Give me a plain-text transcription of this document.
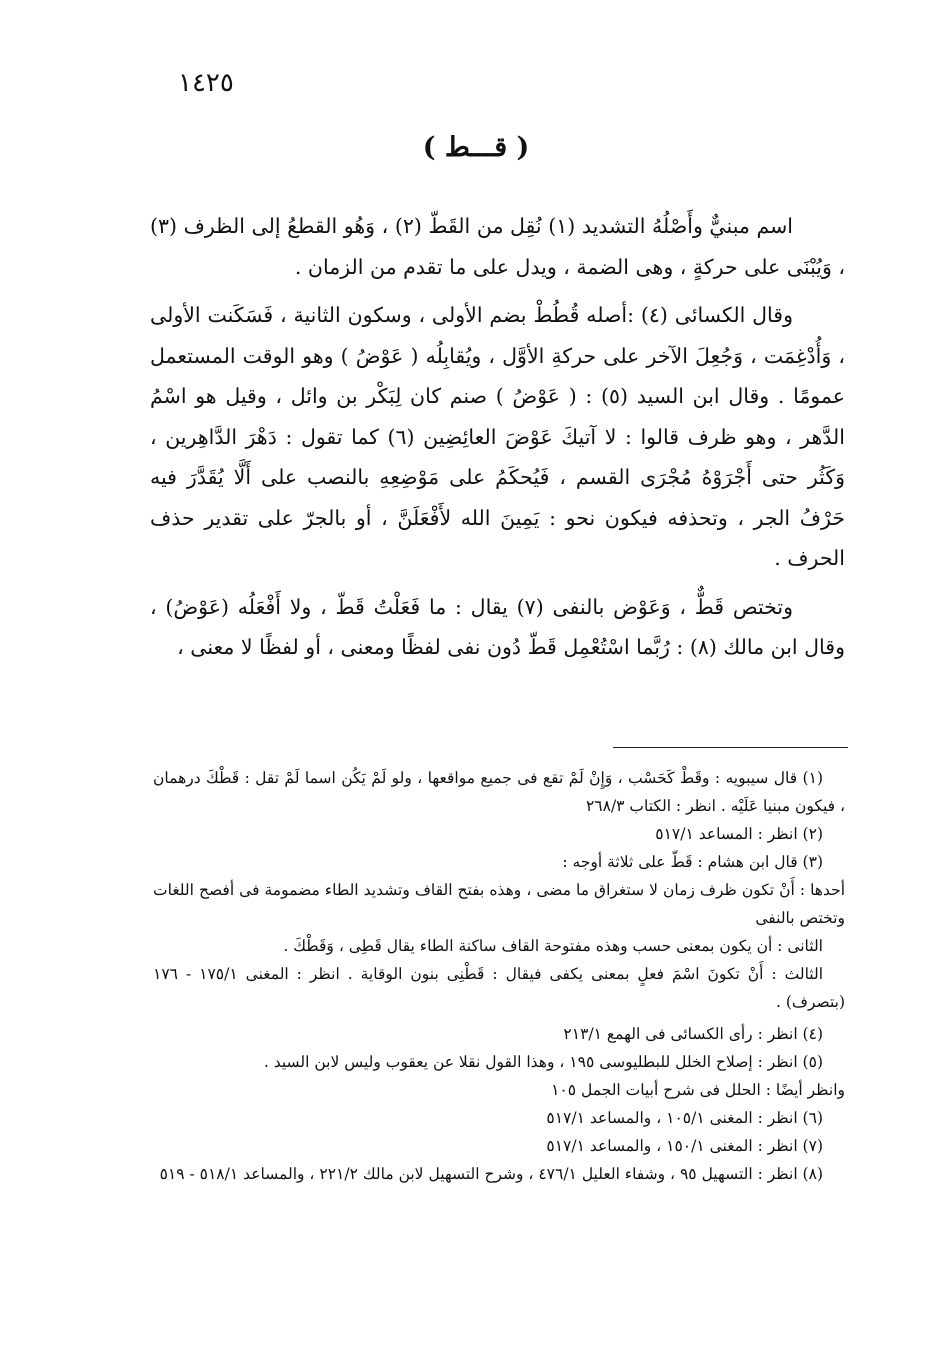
١٤٢٥
( قـــط )

اسم مبنيٌّ وأَصْلُهُ التشديد (١) نُقِل من القَطّ (٢) ، وَهُو القطعُ إلى الظرف (٣) ، وَيُبْنَى على حركةٍ ، وهى الضمة ، ويدل على ما تقدم من الزمان .

وقال الكسائى (٤) :أصله قُطُطْ بضم الأولى ، وسكون الثانية ، فَسَكَنت الأولى ، وَأُدْغِمَت ، وَجُعِلَ الآخر على حركةِ الأوَّل ، ويُقابِلُه ( عَوْضُ ) وهو الوقت المستعمل عمومًا . وقال ابن السيد (٥) : ( عَوْضُ ) صنم كان لِبَكْر بن وائل ، وقيل هو اسْمُ الدَّهر ، وهو ظرف قالوا : لا آتيكَ عَوْضَ العائِضِين (٦) كما تقول : دَهْرَ الدَّاهِرين ، وَكَثُر حتى أَجْرَوْهُ مُجْرَى القسم ، فَيُحكَمُ على مَوْضِعِهِ بالنصب على أَلَّا يُقَدَّرَ فيه حَرْفُ الجر ، وتحذفه فيكون نحو : يَمِينَ الله لأَفْعَلَنَّ ، أو بالجرّ على تقدير حذف الحرف .

وتختص قَطٌّ ، وَعَوْض بالنفى (٧) يقال : ما فَعَلْتُ قَطّ ، ولا أَفْعَلُه (عَوْضُ) ، وقال ابن مالك (٨) : رُبَّما اسْتُعْمِل قَطّ دُون نفى لفظًا ومعنى ، أو لفظًا لا معنى ،

(١) قال سيبويه : وقَطْ كَحَسْب ، وَإِنْ لَمْ تقع فى جميع مواقعها ، ولو لَمْ يَكُن اسما لَمْ تقل : قَطْكَ درهمان ، فيكون مبنيا عَلَيْه . انظر : الكتاب ٢٦٨/٣

(٢) انظر : المساعد ٥١٧/١

(٣) قال ابن هشام : قَطّ على ثلاثة أوجه :

أحدها : أَنْ تكون ظرف زمان لا ستغراق ما مضى ، وهذه بفتح القاف وتشديد الطاء مضمومة فى أفصح اللغات وتختص بالنفى

الثانى : أن يكون بمعنى حسب وهذه مفتوحة القاف ساكنة الطاء يقال قَطِى ، وَقَطْكَ .

الثالث : أَنْ تكونَ اسْمَ فعلٍ بمعنى يكفى فيقال : قَطْنِى بنون الوقاية . انظر : المغنى ١٧٥/١ - ١٧٦ (بتصرف) .

(٤) انظر : رأى الكسائى فى الهمع ٢١٣/١

(٥) انظر : إصلاح الخلل للبطليوسى ١٩٥ ، وهذا القول نقلا عن يعقوب وليس لابن السيد .

وانظر أيضًا : الحلل فى شرح أبيات الجمل ١٠٥

(٦) انظر : المغنى ١٠٥/١ ، والمساعد ٥١٧/١

(٧) انظر : المغنى ١٥٠/١ ، والمساعد ٥١٧/١

(٨) انظر : التسهيل ٩٥ ، وشفاء العليل ٤٧٦/١ ، وشرح التسهيل لابن مالك ٢٢١/٢ ، والمساعد ٥١٨/١ - ٥١٩
